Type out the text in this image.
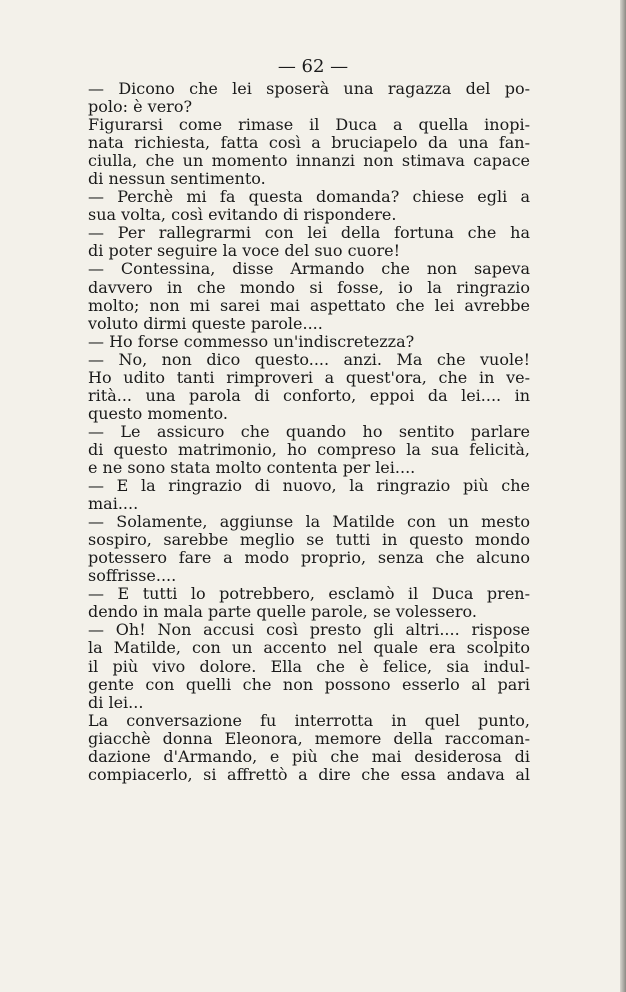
— 62 —
— Dicono che lei sposerà una ragazza del po-
polo: è vero?
Figurarsi come rimase il Duca a quella inopi-
nata richiesta, fatta così a bruciapelo da una fan-
ciulla, che un momento innanzi non stimava capace
di nessun sentimento.
— Perchè mi fa questa domanda? chiese egli a
sua volta, così evitando di rispondere.
— Per rallegrarmi con lei della fortuna che ha
di poter seguire la voce del suo cuore!
— Contessina, disse Armando che non sapeva
davvero in che mondo si fosse, io la ringrazio
molto; non mi sarei mai aspettato che lei avrebbe
voluto dirmi queste parole....
— Ho forse commesso un'indiscretezza?
— No, non dico questo.... anzi. Ma che vuole!
Ho udito tanti rimproveri a quest'ora, che in ve-
rità... una parola di conforto, eppoi da lei.... in
questo momento.
— Le assicuro che quando ho sentito parlare
di questo matrimonio, ho compreso la sua felicità,
e ne sono stata molto contenta per lei....
— E la ringrazio di nuovo, la ringrazio più che
mai....
— Solamente, aggiunse la Matilde con un mesto
sospiro, sarebbe meglio se tutti in questo mondo
potessero fare a modo proprio, senza che alcuno
soffrisse....
— E tutti lo potrebbero, esclamò il Duca pren-
dendo in mala parte quelle parole, se volessero.
— Oh! Non accusi così presto gli altri.... rispose
la Matilde, con un accento nel quale era scolpito
il più vivo dolore. Ella che è felice, sia indul-
gente con quelli che non possono esserlo al pari
di lei...
La conversazione fu interrotta in quel punto,
giacchè donna Eleonora, memore della raccoman-
dazione d'Armando, e più che mai desiderosa di
compiacerlo, si affrettò a dire che essa andava al
